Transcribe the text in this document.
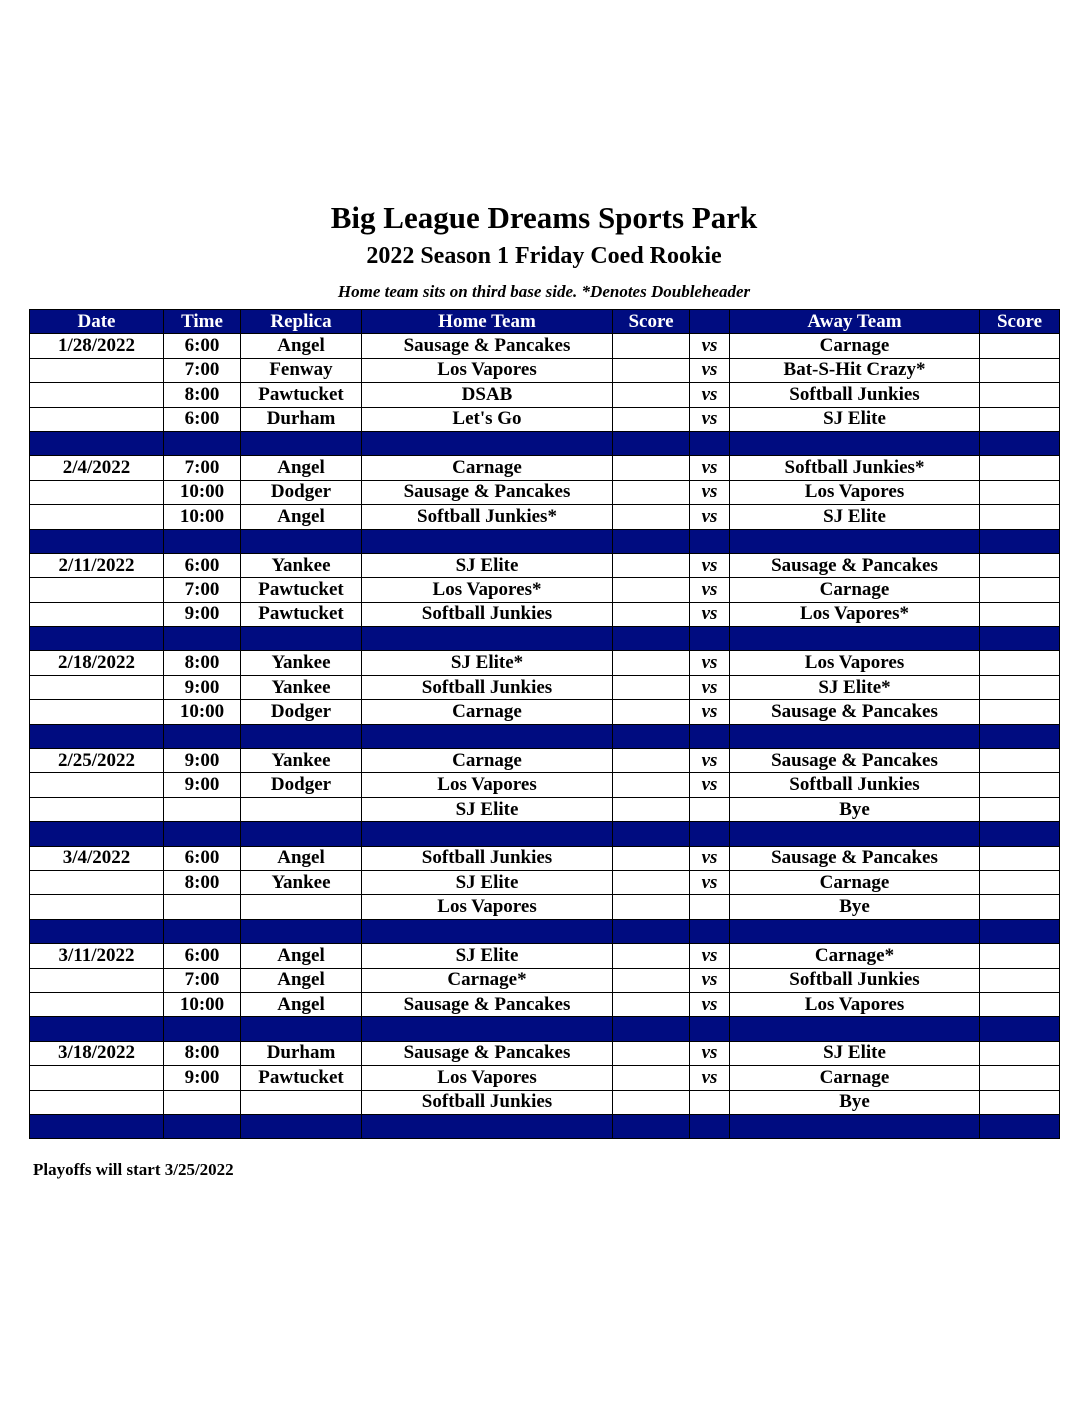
Big League Dreams Sports Park
2022 Season 1 Friday Coed Rookie
Home team sits on third base side. *Denotes Doubleheader
Date	Time	Replica	Home Team	Score		Away Team	Score
1/28/2022	6:00	Angel	Sausage & Pancakes		vs	Carnage	
	7:00	Fenway	Los Vapores		vs	Bat-S-Hit Crazy*	
	8:00	Pawtucket	DSAB		vs	Softball Junkies	
	6:00	Durham	Let's Go		vs	SJ Elite	

2/4/2022	7:00	Angel	Carnage		vs	Softball Junkies*	
	10:00	Dodger	Sausage & Pancakes		vs	Los Vapores	
	10:00	Angel	Softball Junkies*		vs	SJ Elite	

2/11/2022	6:00	Yankee	SJ Elite		vs	Sausage & Pancakes	
	7:00	Pawtucket	Los Vapores*		vs	Carnage	
	9:00	Pawtucket	Softball Junkies		vs	Los Vapores*	

2/18/2022	8:00	Yankee	SJ Elite*		vs	Los Vapores	
	9:00	Yankee	Softball Junkies		vs	SJ Elite*	
	10:00	Dodger	Carnage		vs	Sausage & Pancakes	

2/25/2022	9:00	Yankee	Carnage		vs	Sausage & Pancakes	
	9:00	Dodger	Los Vapores		vs	Softball Junkies	
			SJ Elite			Bye	

3/4/2022	6:00	Angel	Softball Junkies		vs	Sausage & Pancakes	
	8:00	Yankee	SJ Elite		vs	Carnage	
			Los Vapores			Bye	

3/11/2022	6:00	Angel	SJ Elite		vs	Carnage*	
	7:00	Angel	Carnage*		vs	Softball Junkies	
	10:00	Angel	Sausage & Pancakes		vs	Los Vapores	

3/18/2022	8:00	Durham	Sausage & Pancakes		vs	SJ Elite	
	9:00	Pawtucket	Los Vapores		vs	Carnage	
			Softball Junkies			Bye	

Playoffs will start 3/25/2022
